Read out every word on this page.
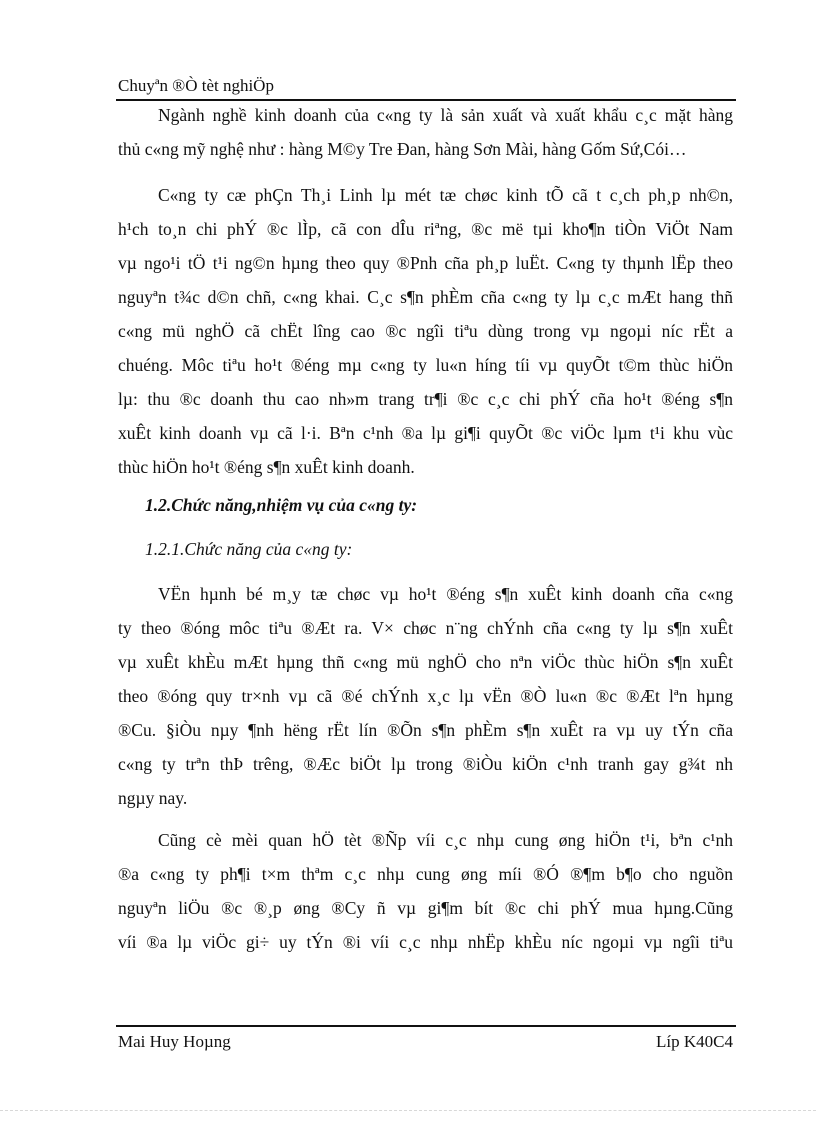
Chuyªn ®Ò tèt nghiÖp
Ngành nghề kinh doanh của c«ng ty là sản xuất và xuất khẩu c¸c mặt hàng
thủ c«ng mỹ nghệ như : hàng M©y Tre Đan, hàng Sơn Mài, hàng Gốm Sứ,Cói…
C«ng ty cæ phÇn Th¸i Linh lµ mét tæ chøc kinh tÕ cã t c¸ch ph¸p nh©n,
h¹ch to¸n chi phÝ ®c lÌp, cã con dÎu riªng, ®c më tµi kho¶n tiÒn ViÖt Nam
vµ ngo¹i tÖ t¹i ng©n hµng theo quy ®Pnh cña ph¸p luËt. C«ng ty thµnh lËp theo
nguyªn t¾c d©n chñ, c«ng khai. C¸c s¶n phÈm cña c«ng ty lµ c¸c mÆt hang thñ
c«ng mü nghÖ cã chËt lîng cao ®c ngîi tiªu dùng trong vµ ngoµi níc rËt a
chuéng. Môc tiªu ho¹t ®éng mµ c«ng ty lu«n híng tíi vµ quyÕt t©m thùc hiÖn
lµ: thu ®c doanh thu cao nh»m trang tr¶i ®c c¸c chi phÝ cña ho¹t ®éng s¶n
xuÊt kinh doanh vµ cã l·i. Bªn c¹nh ®a lµ gi¶i quyÕt ®c viÖc lµm t¹i khu vùc
thùc hiÖn ho¹t ®éng s¶n xuÊt kinh doanh.
1.2.Chức năng,nhiệm vụ của c«ng ty:
1.2.1.Chức năng của c«ng ty:
VËn hµnh bé m¸y tæ chøc vµ ho¹t ®éng s¶n xuÊt kinh doanh cña c«ng
ty theo ®óng môc tiªu ®Æt ra. V× chøc n¨ng chÝnh cña c«ng ty lµ s¶n xuÊt
vµ xuÊt khÈu mÆt hµng thñ c«ng mü nghÖ cho nªn viÖc thùc hiÖn s¶n xuÊt
theo ®óng quy tr×nh vµ cã ®é chÝnh x¸c lµ vËn ®Ò lu«n ®c ®Æt lªn hµng
®Cu. §iÒu nµy ¶nh hëng rËt lín ®Õn s¶n phÈm s¶n xuÊt ra vµ uy tÝn cña
c«ng ty trªn thÞ trêng, ®Æc biÖt lµ trong ®iÒu kiÖn c¹nh tranh gay g¾t nh
ngµy nay.
Cũng cè mèi quan hÖ tèt ®Ñp víi c¸c nhµ cung øng hiÖn t¹i, bªn c¹nh
®a c«ng ty ph¶i t×m thªm c¸c nhµ cung øng míi ®Ó ®¶m b¶o cho nguồn
nguyªn liÖu ®c ®¸p øng ®Cy ñ vµ gi¶m bít ®c chi phÝ mua hµng.Cũng
víi ®a lµ viÖc gi÷ uy tÝn ®i víi c¸c nhµ nhËp khÈu níc ngoµi vµ ngîi tiªu
Mai Huy Hoµng	Líp K40C4
